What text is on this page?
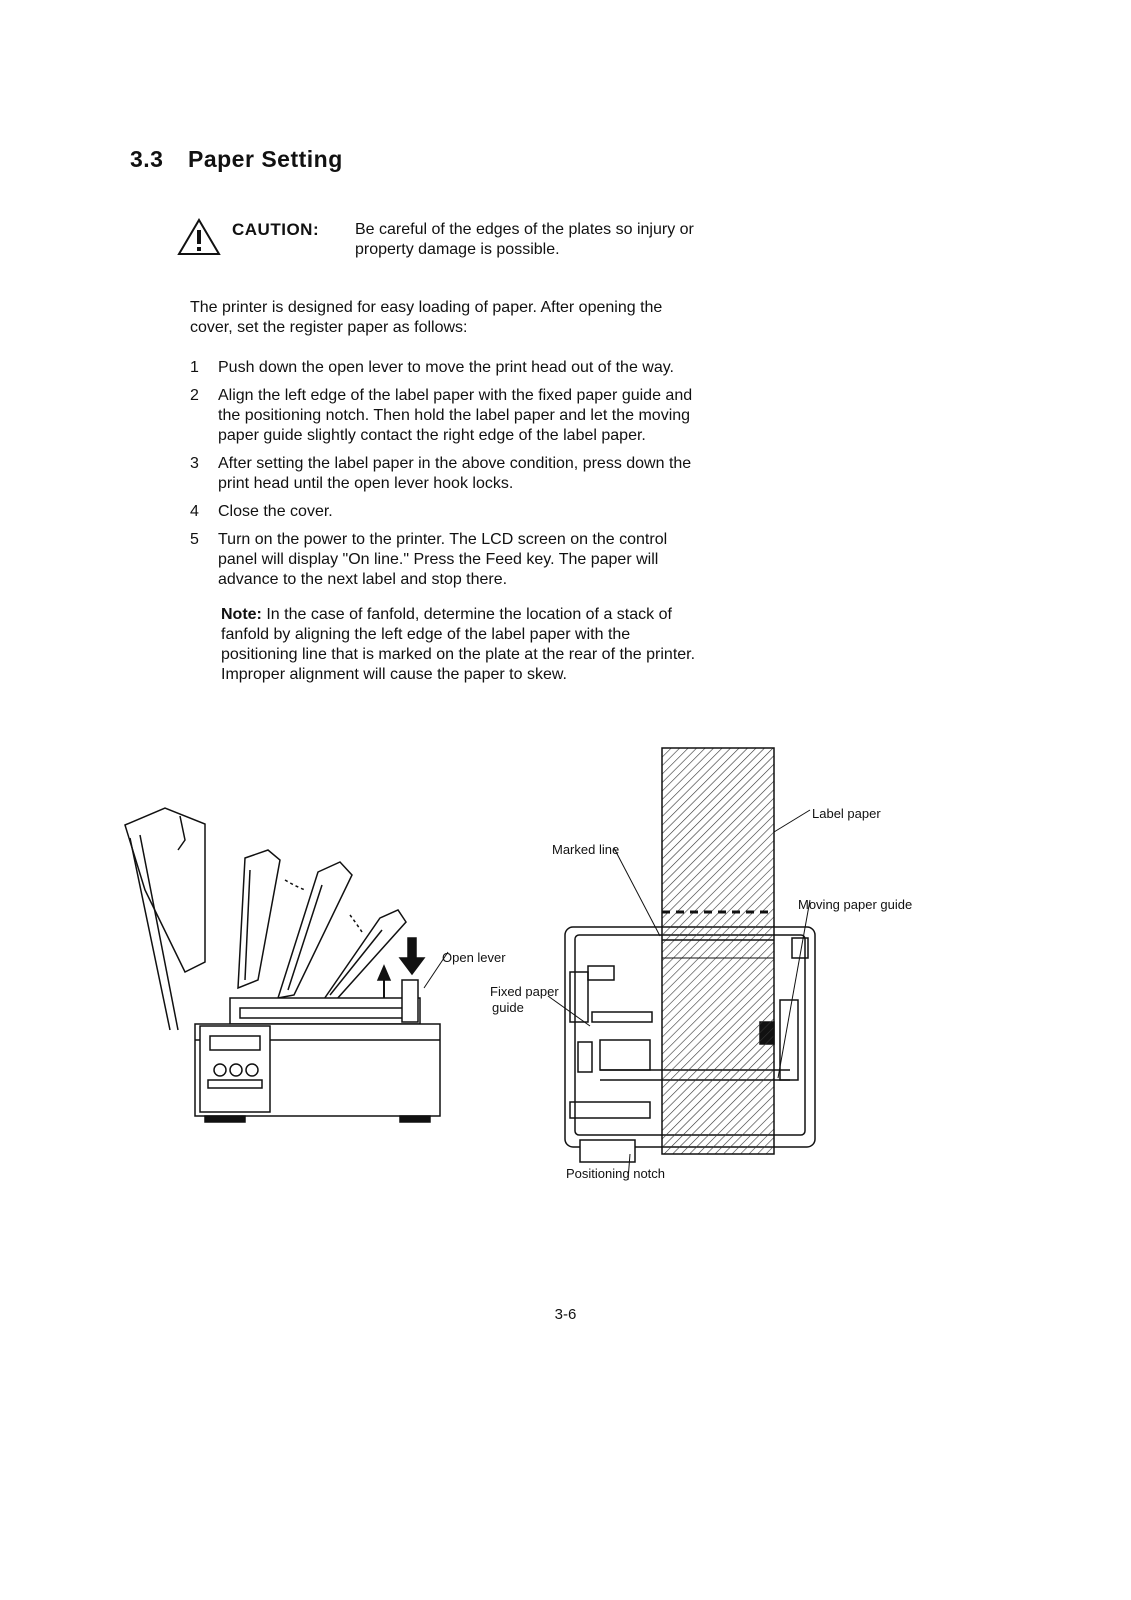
3.3 Paper Setting
CAUTION: Be careful of the edges of the plates so injury or
property damage is possible.
The printer is designed for easy loading of paper. After opening the
cover, set the register paper as follows:
1	Push down the open lever to move the print head out of the way.
2	Align the left edge of the label paper with the fixed paper guide and
the positioning notch. Then hold the label paper and let the moving
paper guide slightly contact the right edge of the label paper.
3	After setting the label paper in the above condition, press down the
print head until the open lever hook locks.
4	Close the cover.
5	Turn on the power to the printer. The LCD screen on the control
panel will display "On line." Press the Feed key. The paper will
advance to the next label and stop there.
Note: In the case of fanfold, determine the location of a stack of
fanfold by aligning the left edge of the label paper with the
positioning line that is marked on the plate at the rear of the printer.
Improper alignment will cause the paper to skew.
Label paper
Marked line
Moving paper guide
Open lever
Fixed paper
guide
Positioning notch
3-6
